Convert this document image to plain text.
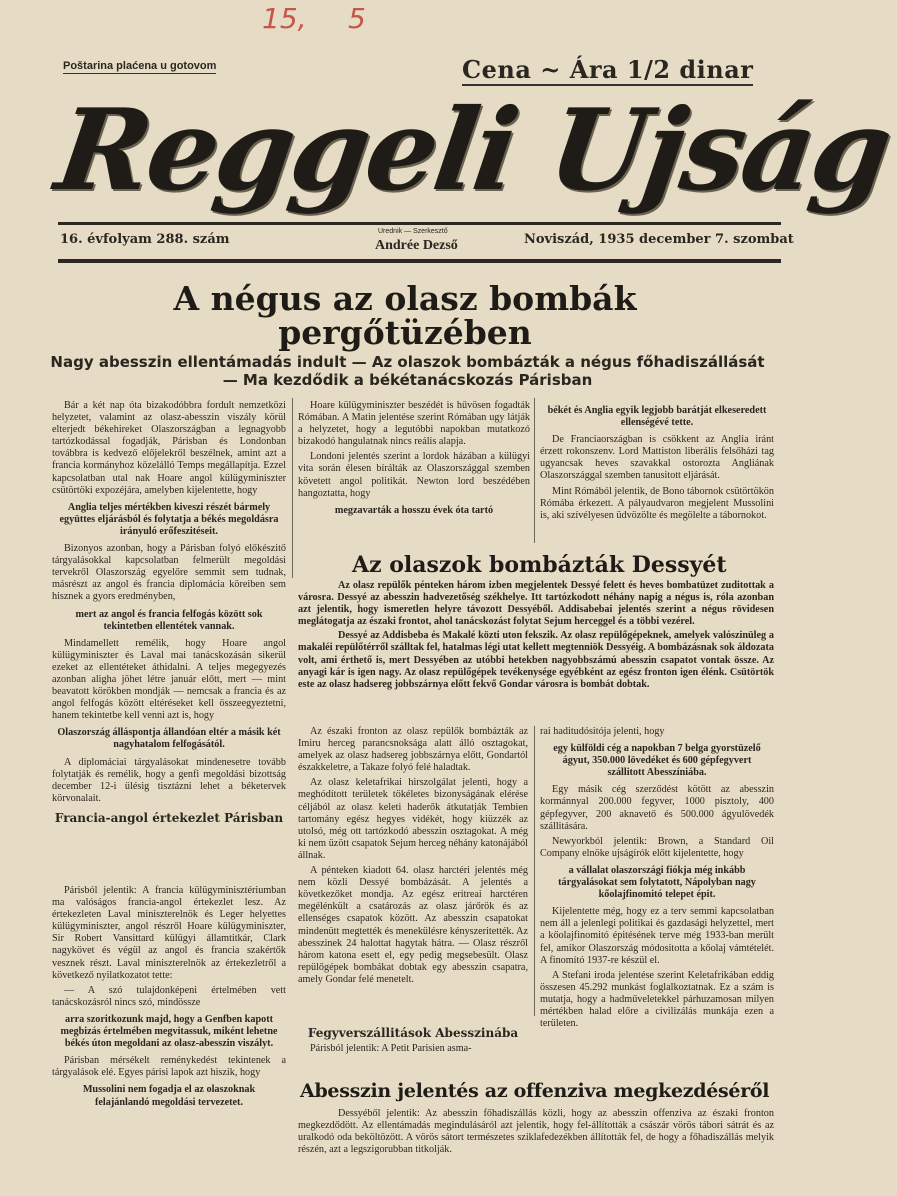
15, 5
Poštarina plaćena u gotovom	Cena ~ Ára 1/2 dinar
Reggeli Ujság
16. évfolyam 288. szám
Urednik — Szerkesztő
Andrée Dezső	Noviszád, 1935 december 7. szombat
A négus az olasz bombák
pergőtüzében
Nagy abesszin ellentámadás indult — Az olaszok bombázták a négus főhadiszállását — Ma kezdődik a békétanácskozás Párisban

Bár a két nap óta bizakodóbbra fordult nemzetközi helyzetet, valamint az olasz-abesszin viszály körül elterjedt békehireket Olaszországban a legnagyobb tartózkodással fogadják, Párisban és Londonban továbbra is kedvező előjelekről beszélnek, amint azt a francia kormányhoz közelálló Temps megállapítja. Ezzel kapcsolatban utal nak Hoare angol külügyminiszter csütörtöki expozéjára, amelyben kijelentette, hogy

Anglia teljes mértékben kiveszi részét bármely együttes eljárásból és folytatja a békés megoldásra irányuló erőfeszitéseit.

Bizonyos azonban, hogy a Párisban folyó előkészitő tárgyalásokkal kapcsolatban felmerült megoldási tervekről Olaszország egyelőre semmit sem tudnak, másrészt az angol és francia diplomácia köreiben sem hisznek a gyors eredményben,

mert az angol és francia felfogás között sok tekintetben ellentétek vannak.

Mindamellett remélik, hogy Hoare angol külügyminiszter és Laval mai tanácskozásán sikerül ezeket az ellentéteket áthidalni. A teljes megegyezés azonban aligha jöhet létre január előtt, mert — mint beavatott körökben mondják — nemcsak a francia és az angol felfogás között eltéréseket kell összeegyeztetni, hanem tekintetbe kell venni azt is, hogy

Olaszország álláspontja állandóan eltér a másik két nagyhatalom felfogásától.

A diplomáciai tárgyalásokat mindenesetre tovább folytatják és remélik, hogy a genfi megoldási bizottság december 12-i ülésig tisztázni lehet a béketervek körvonalait.

Francia-angol értekezlet Párisban

Párisból jelentik: A francia külügyminisztériumban ma valóságos francia-angol értekezlet lesz. Az értekezleten Laval miniszterelnök és Leger helyettes külügyminiszter, angol részről Hoare külügyminiszter, Sir Robert Vansittard külügyi államtitkár, Clark nagykövet és végül az angol és francia szakértők vesznek részt. Laval miniszterelnök az értekezletről a következő nyilatkozatot tette:

— A szó tulajdonképeni értelmében vett tanácskozásról nincs szó, mindössze

arra szoritkozunk majd, hogy a Genfben kapott megbizás értelmében megvitassuk, miként lehetne békés úton megoldani az olasz-abesszin viszályt.

Párisban mérsékelt reménykedést tekintenek a tárgyalások elé. Egyes párisi lapok azt hiszik, hogy

Mussolini nem fogadja el az olaszoknak felajánlandó megoldási tervezetet.

Hoare külügyminiszter beszédét is hűvösen fogadták Rómában. A Matin jelentése szerint Rómában ugy látják a helyzetet, hogy a legutóbbi napokban mutatkozó bizakodó hangulatnak nincs reális alapja.

Londoni jelentés szerint a lordok házában a külügyi vita során élesen bírálták az Olaszországgal szemben követett angol politikát. Newton lord beszédében hangoztatta, hogy

megzavarták a hosszu évek óta tartó

békét és Anglia egyik legjobb barátját elkeseredett ellenségévé tette.

De Franciaországban is csökkent az Anglia iránt érzett rokonszenv. Lord Mattiston liberális felsőházi tag ugyancsak heves szavakkal ostorozta Angliának Olaszországgal szemben tanusitott eljárását.

Mint Rómából jelentik, de Bono tábornok csütörtökön Rómába érkezett. A pályaudvaron megjelent Mussolini is, aki szívélyesen üdvözölte és megölelte a tábornokot.

Az olaszok bombázták Dessyét

Az olasz repülők pénteken három izben megjelentek Dessyé felett és heves bombatüzet zuditottak a városra. Dessyé az abesszin hadvezetőség székhelye. Itt tartózkodott néhány napig a négus is, róla azonban azt jelentik, hogy ismeretlen helyre távozott Dessyéből. Addisabebai jelentés szerint a négus rövidesen meglátogatja az északi frontot, ahol tanácskozást folytat Sejum herceggel és a többi vezérel.

Dessyé az Addisbeba és Makalé közti uton fekszik. Az olasz repülőgépeknek, amelyek valószinüleg a makaléi repülőtérről szálltak fel, hatalmas légi utat kellett megtenniök Dessyéig. A bombázásnak sok áldozata volt, ami érthető is, mert Dessyében az utóbbi hetekben nagyobbszámú abesszin csapatot vontak össze. Az anyagi kár is igen nagy. Az olasz repülőgépek tevékenysége egyébként az egész fronton igen élénk. Csütörtök este az olasz hadsereg jobbszárnya előtt fekvő Gondar városra is bombát dobtak.

Az északi fronton az olasz repülők bombázták az Imiru herceg parancsnoksága alatt álló osztagokat, amelyek az olasz hadsereg jobbszárnya előtt, Gondartól északkeletre, a Takaze folyó felé haladtak.

Az olasz keletafrikai hirszolgálat jelenti, hogy a meghódított területek tökéletes bizonyságának elérése céljából az olasz keleti haderők átkutatják Tembien tartomány egész hegyes vidékét, hogy kiüzzék az utolsó, még ott tartózkodó abesszin osztagokat. A még ki nem üzött csapatok Sejum herceg néhány katonájából állnak.

A pénteken kiadott 64. olasz harctéri jelentés még nem közli Dessyé bombázását. A jelentés a következőket mondja. Az egész eritreai harctéren megélénkült a csatározás az olasz járőrök és az ellenséges csapatok között. Az abesszin csapatokat mindenütt megtették és menekülésre kényszeritették. Az abesszinek 24 halottat hagytak hátra. — Olasz részről három katona esett el, egy pedig megsebesült. Olasz repülőgépek bombákat dobtak egy abesszin csapatra, amely Gondar felé menetelt.

Fegyverszállitások Abesszinába

Párisból jelentik: A Petit Parisien asma-

rai haditudósitója jelenti, hogy

egy külföldi cég a napokban 7 belga gyorstüzelő ágyut, 350.000 lövedéket és 600 gépfegyvert szállitott Abesszíniába.

Egy másik cég szerződést kötött az abesszin kormánnyal 200.000 fegyver, 1000 pisztoly, 400 gépfegyver, 200 aknavető és 500.000 ágyulövedék szállitására.

Newyorkból jelentik: Brown, a Standard Oil Company elnöke ujságírók előtt kijelentette, hogy

a vállalat olaszországi fiókja még inkább tárgyalásokat sem folytatott, Nápolyban nagy kőolajfinomitó telepet épit.

Kijelentette még, hogy ez a terv semmi kapcsolatban nem áll a jelenlegi politikai és gazdasági helyzettel, mert a kőolajfinomitó épitésének terve még 1933-ban merült fel, amikor Olaszország módositotta a kőolaj vámtételét. A finomító 1937-re készül el.

A Stefani iroda jelentése szerint Keletafrikában eddig összesen 45.292 munkást foglalkoztatnak. Ez a szám is mutatja, hogy a hadműveletekkel párhuzamosan milyen mértékben halad előre a civilizálás munkája ezen a területen.

Abesszin jelentés az offenziva megkezdéséről

Dessyéből jelentik: Az abesszin főhadiszállás közli, hogy az abesszin offenziva az északi fronton megkezdődött. Az ellentámadás megindulásáról azt jelentik, hogy fel-állították a császár vörös tábori sátrát és az uralkodó oda beköltözött. A vörös sátort természetes sziklafedezékben állították fel, de hogy a főhadiszállás melyik részén, azt a legszigorubban titkolják.
